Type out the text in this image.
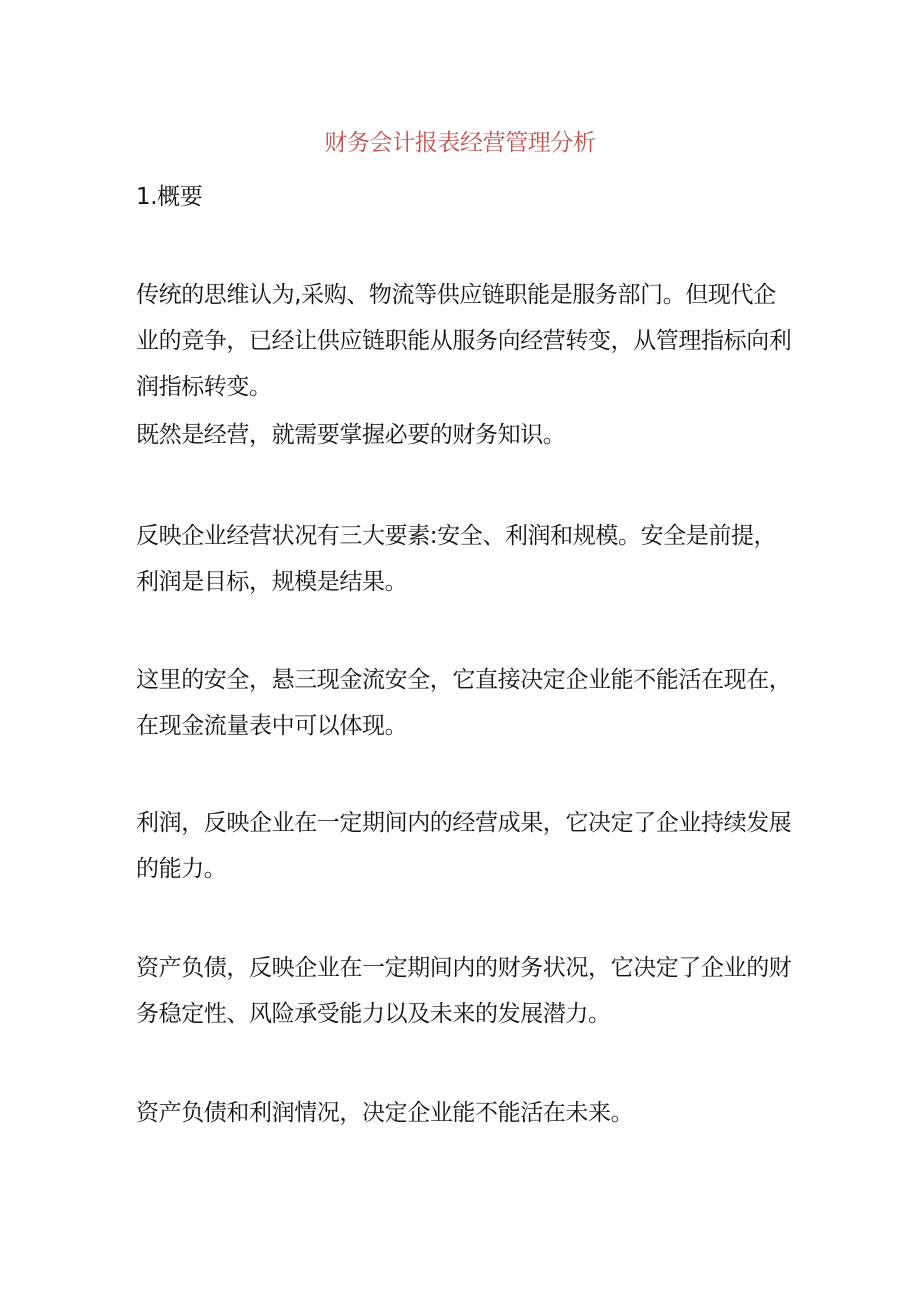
财务会计报表经营管理分析
1.概要

传统的思维认为,采购、物流等供应链职能是服务部门。但现代企业的竞争，已经让供应链职能从服务向经营转变，从管理指标向利润指标转变。

既然是经营，就需要掌握必要的财务知识。

反映企业经营状况有三大要素:安全、利润和规模。安全是前提，利润是目标，规模是结果。

这里的安全，悬三现金流安全，它直接决定企业能不能活在现在，在现金流量表中可以体现。

利润，反映企业在一定期间内的经营成果，它决定了企业持续发展的能力。

资产负债，反映企业在一定期间内的财务状况，它决定了企业的财务稳定性、风险承受能力以及未来的发展潜力。

资产负债和利润情况，决定企业能不能活在未来。
